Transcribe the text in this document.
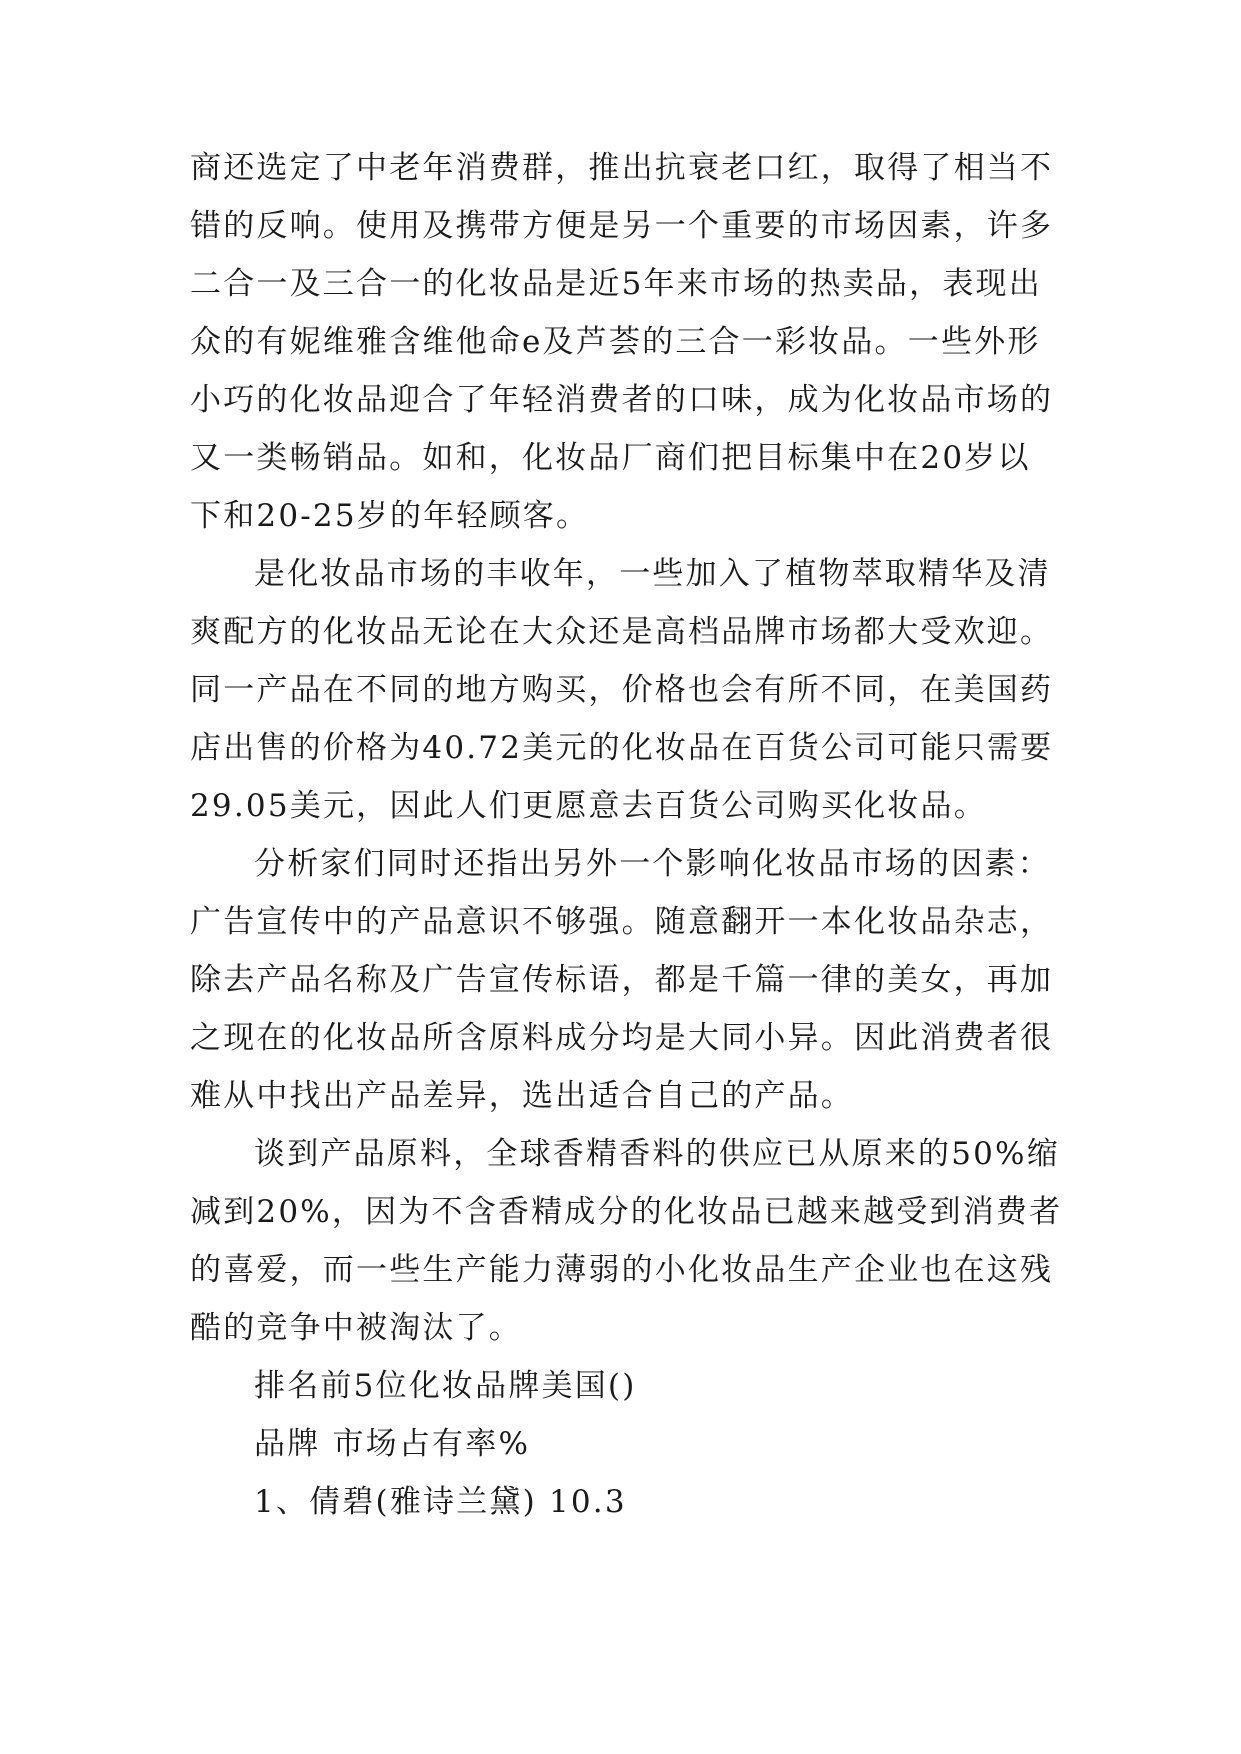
商还选定了中老年消费群，推出抗衰老口红，取得了相当不
错的反响。使用及携带方便是另一个重要的市场因素，许多
二合一及三合一的化妆品是近5年来市场的热卖品，表现出
众的有妮维雅含维他命e及芦荟的三合一彩妆品。一些外形
小巧的化妆品迎合了年轻消费者的口味，成为化妆品市场的
又一类畅销品。如和，化妆品厂商们把目标集中在20岁以
下和20-25岁的年轻顾客。
是化妆品市场的丰收年，一些加入了植物萃取精华及清
爽配方的化妆品无论在大众还是高档品牌市场都大受欢迎。
同一产品在不同的地方购买，价格也会有所不同，在美国药
店出售的价格为40.72美元的化妆品在百货公司可能只需要
29.05美元，因此人们更愿意去百货公司购买化妆品。
分析家们同时还指出另外一个影响化妆品市场的因素：
广告宣传中的产品意识不够强。随意翻开一本化妆品杂志，
除去产品名称及广告宣传标语，都是千篇一律的美女，再加
之现在的化妆品所含原料成分均是大同小异。因此消费者很
难从中找出产品差异，选出适合自己的产品。
谈到产品原料，全球香精香料的供应已从原来的50%缩
减到20%，因为不含香精成分的化妆品已越来越受到消费者
的喜爱，而一些生产能力薄弱的小化妆品生产企业也在这残
酷的竞争中被淘汰了。
排名前5位化妆品牌美国()
品牌 市场占有率%
1、倩碧(雅诗兰黛) 10.3
